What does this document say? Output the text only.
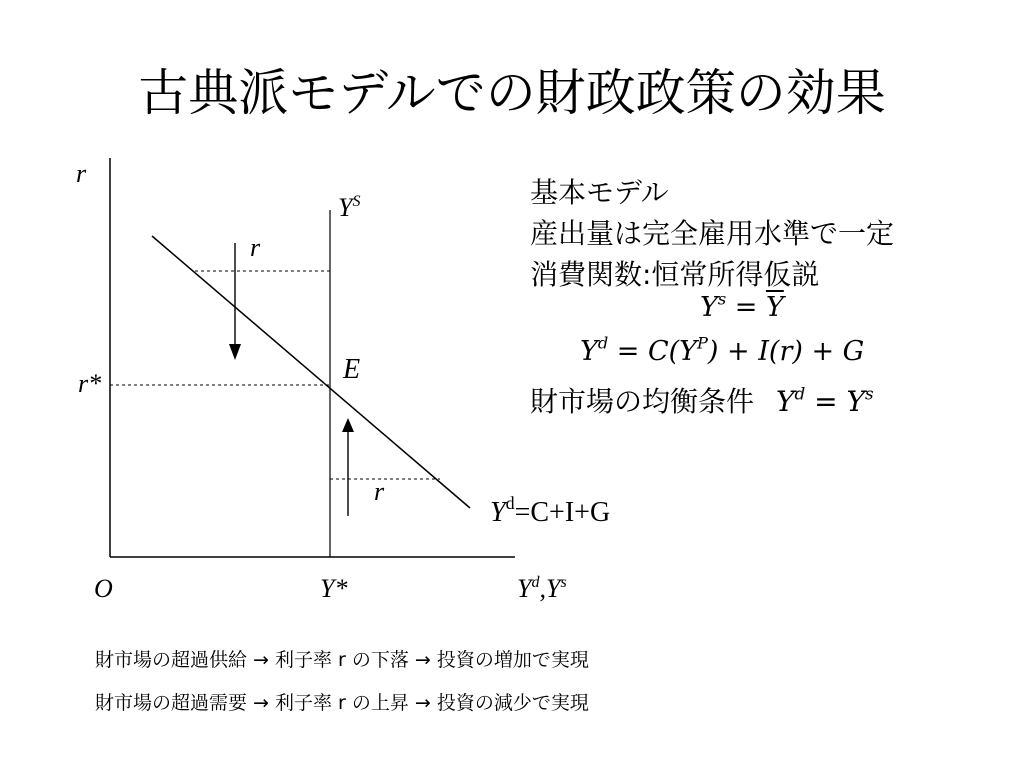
古典派モデルでの財政政策の効果
r
$Y^S$
r
r*	E
r
$Y^d=C+I+G$
O	Y*	$Y^d,Y^s$
基本モデル
産出量は完全雇用水準で一定
消費関数:恒常所得仮説
$Y^s = \overline{Y}$
$Y^d = C(Y^P) + I(r) + G$
財市場の均衡条件 $Y^d = Y^s$
財市場の超過供給 → 利子率 r の下落 → 投資の増加で実現
財市場の超過需要 → 利子率 r の上昇 → 投資の減少で実現
